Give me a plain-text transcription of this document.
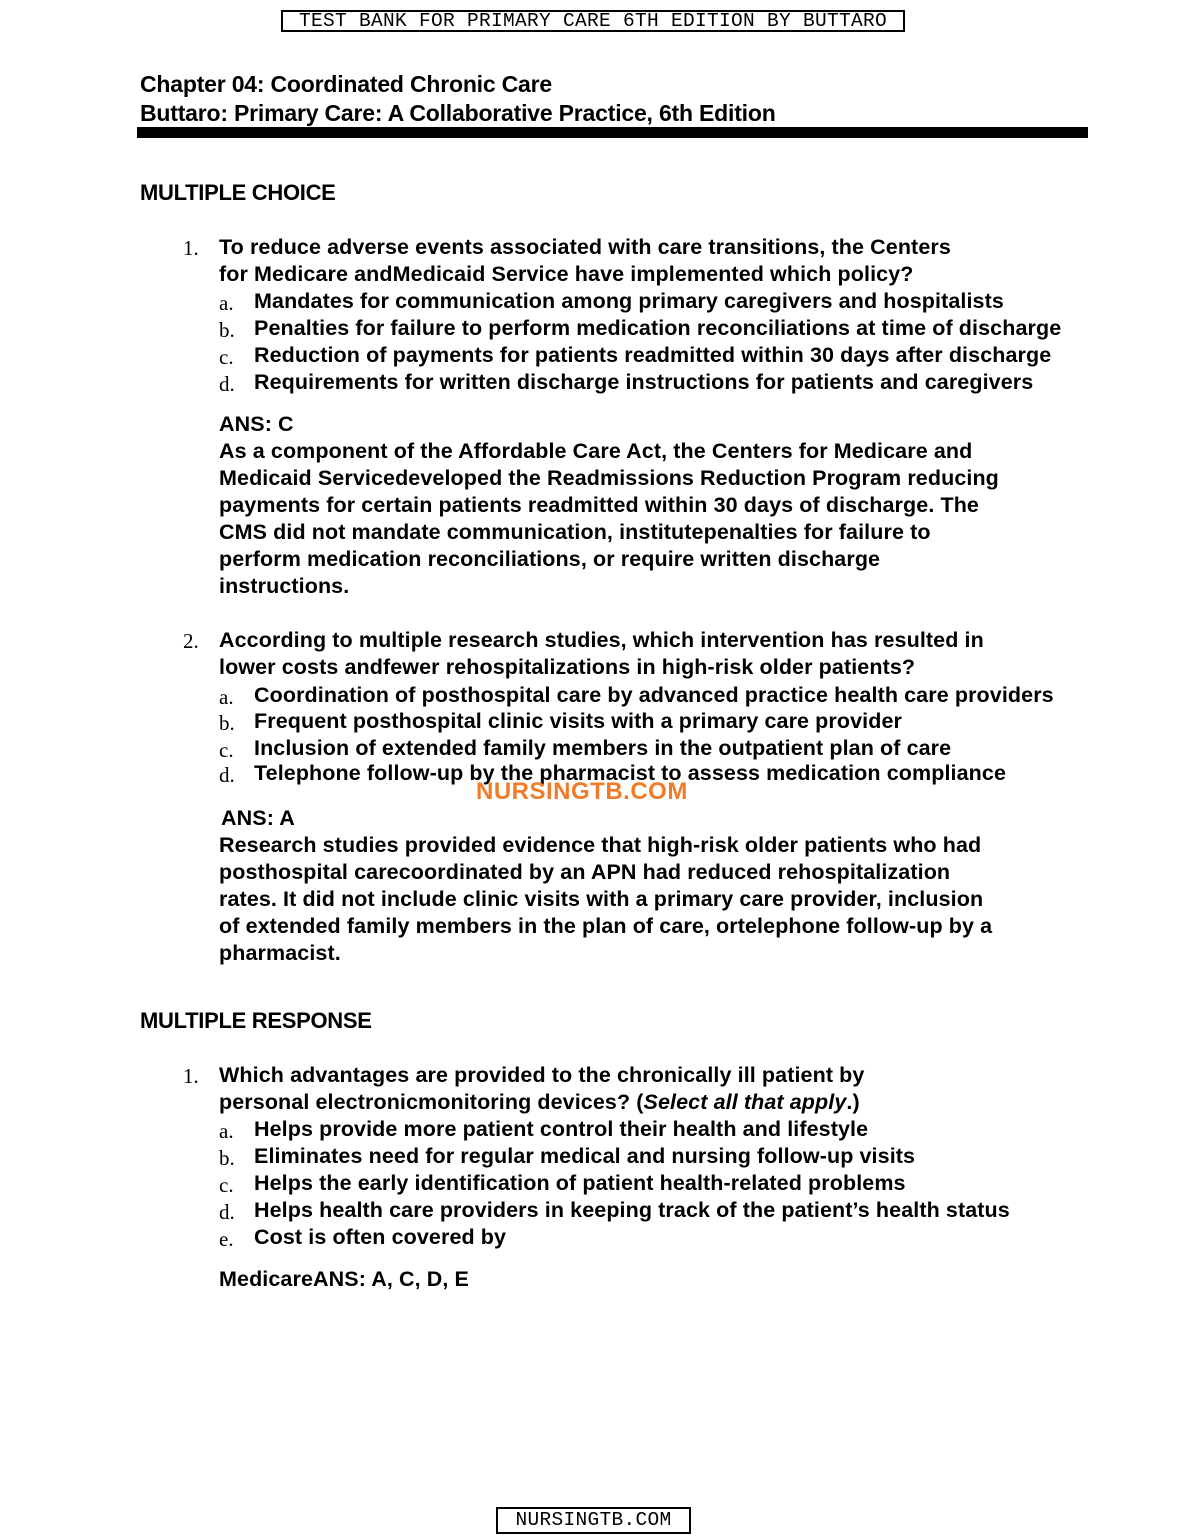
TEST BANK FOR PRIMARY CARE 6TH EDITION BY BUTTARO
Chapter 04: Coordinated Chronic Care
Buttaro: Primary Care: A Collaborative Practice, 6th Edition
MULTIPLE CHOICE
1. To reduce adverse events associated with care transitions, the Centers
for Medicare andMedicaid Service have implemented which policy?
a. Mandates for communication among primary caregivers and hospitalists
b. Penalties for failure to perform medication reconciliations at time of discharge
c. Reduction of payments for patients readmitted within 30 days after discharge
d. Requirements for written discharge instructions for patients and caregivers
ANS: C
As a component of the Affordable Care Act, the Centers for Medicare and
Medicaid Servicedeveloped the Readmissions Reduction Program reducing
payments for certain patients readmitted within 30 days of discharge. The
CMS did not mandate communication, institutepenalties for failure to
perform medication reconciliations, or require written discharge
instructions.
2. According to multiple research studies, which intervention has resulted in
lower costs andfewer rehospitalizations in high-risk older patients?
a. Coordination of posthospital care by advanced practice health care providers
b. Frequent posthospital clinic visits with a primary care provider
c. Inclusion of extended family members in the outpatient plan of care
d. Telephone follow-up by the pharmacist to assess medication compliance
NURSINGTB.COM
ANS: A
Research studies provided evidence that high-risk older patients who had
posthospital carecoordinated by an APN had reduced rehospitalization
rates. It did not include clinic visits with a primary care provider, inclusion
of extended family members in the plan of care, ortelephone follow-up by a
pharmacist.
MULTIPLE RESPONSE
1. Which advantages are provided to the chronically ill patient by
personal electronicmonitoring devices? (Select all that apply.)
a. Helps provide more patient control their health and lifestyle
b. Eliminates need for regular medical and nursing follow-up visits
c. Helps the early identification of patient health-related problems
d. Helps health care providers in keeping track of the patient’s health status
e. Cost is often covered by
MedicareANS: A, C, D, E
NURSINGTB.COM
